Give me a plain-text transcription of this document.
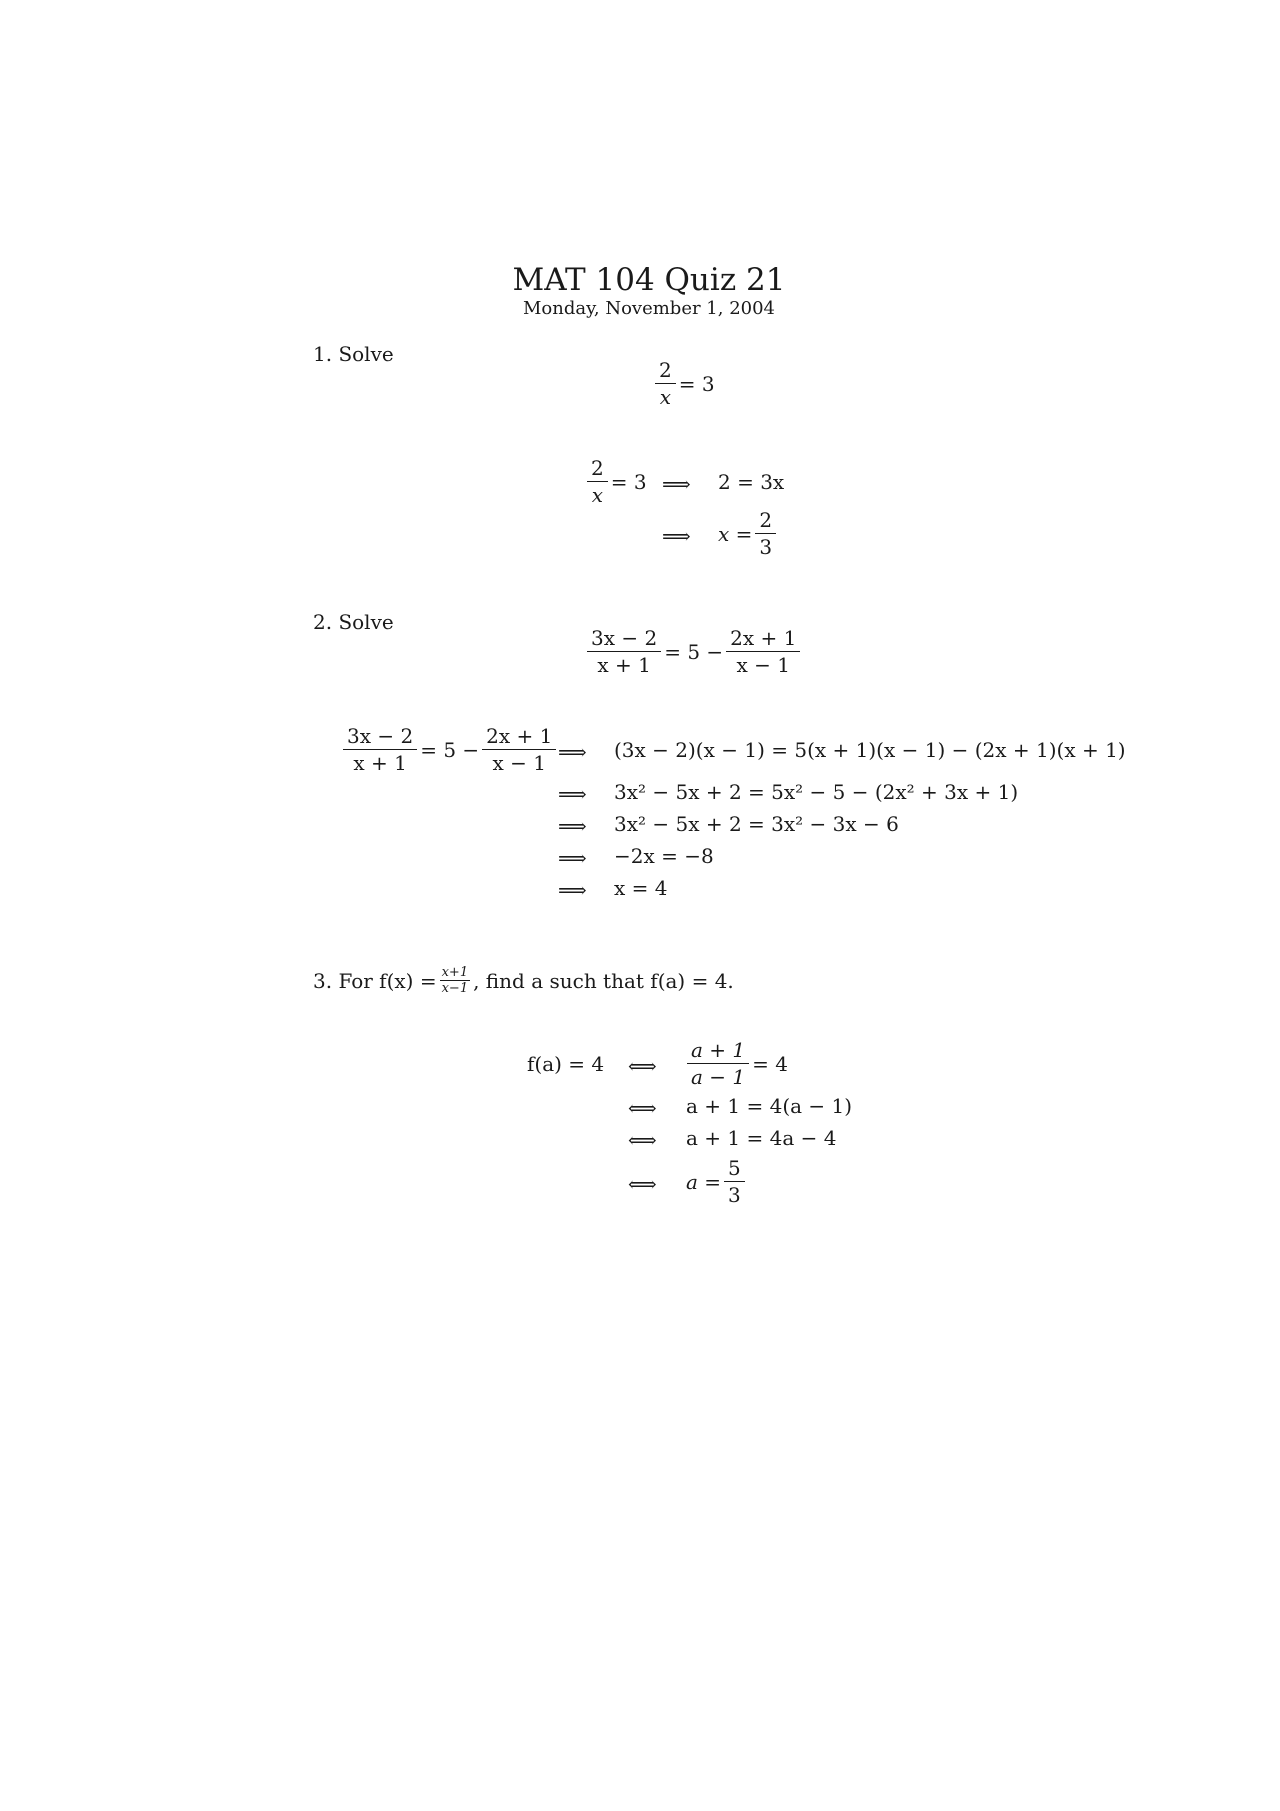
MAT 104 Quiz 21
Monday, November 1, 2004
1. Solve
$\frac{2}{x} = 3$
$\frac{2}{x} = 3$ ⟹ 2 = 3x
⟹ $x = \frac{2}{3}$
2. Solve
$\frac{3x - 2}{x + 1} = 5 - \frac{2x + 1}{x - 1}$
$\frac{3x - 2}{x + 1} = 5 - \frac{2x + 1}{x - 1}$ ⟹ (3x − 2)(x − 1) = 5(x + 1)(x − 1) − (2x + 1)(x + 1)
⟹ 3x² − 5x + 2 = 5x² − 5 − (2x² + 3x + 1)
⟹ 3x² − 5x + 2 = 3x² − 3x − 6
⟹ −2x = −8
⟹ x = 4
3. For $f(x) = \frac{x+1}{x-1}$ , find a such that f(a) = 4.
f(a) = 4 ⟺ $\frac{a + 1}{a - 1} = 4$
⟺ a + 1 = 4(a − 1)
⟺ a + 1 = 4a − 4
⟺ $a = \frac{5}{3}$
